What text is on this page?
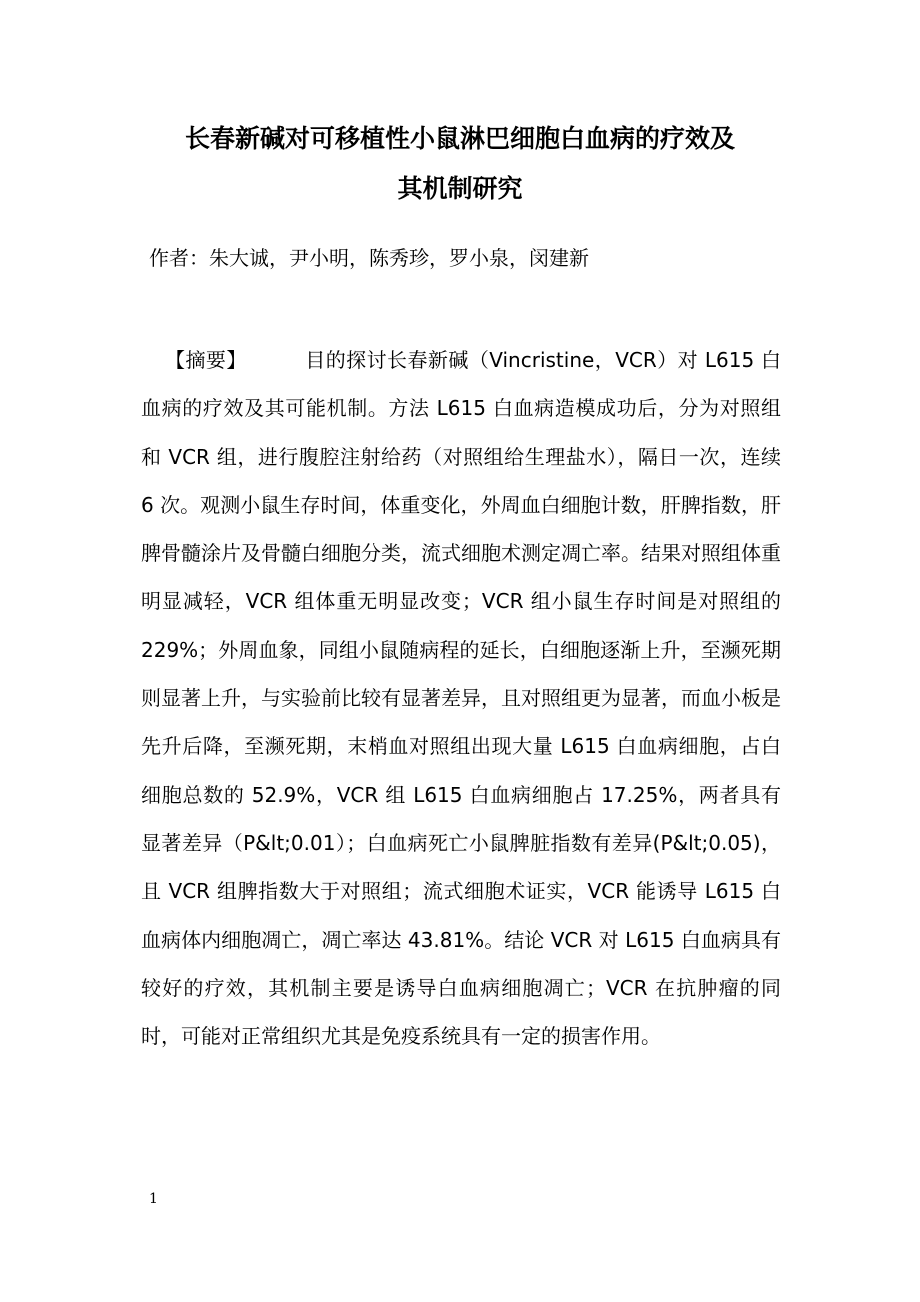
长春新碱对可移植性小鼠淋巴细胞白血病的疗效及
其机制研究
作者：朱大诚，尹小明，陈秀珍，罗小泉，闵建新

【摘要】	目的探讨长春新碱（Vincristine，VCR）对 L615 白血病的疗效及其可能机制。方法 L615 白血病造模成功后，分为对照组和 VCR 组，进行腹腔注射给药（对照组给生理盐水），隔日一次，连续 6 次。观测小鼠生存时间，体重变化，外周血白细胞计数，肝脾指数，肝脾骨髓涂片及骨髓白细胞分类，流式细胞术测定凋亡率。结果对照组体重明显减轻，VCR 组体重无明显改变；VCR 组小鼠生存时间是对照组的 229%；外周血象，同组小鼠随病程的延长，白细胞逐渐上升，至濒死期则显著上升，与实验前比较有显著差异，且对照组更为显著，而血小板是先升后降，至濒死期，末梢血对照组出现大量 L615 白血病细胞，占白细胞总数的 52.9%，VCR 组 L615 白血病细胞占 17.25%，两者具有显著差异（P&lt;0.01）；白血病死亡小鼠脾脏指数有差异(P&lt;0.05)，且 VCR 组脾指数大于对照组；流式细胞术证实，VCR 能诱导 L615 白血病体内细胞凋亡，凋亡率达 43.81%。结论 VCR 对 L615 白血病具有较好的疗效，其机制主要是诱导白血病细胞凋亡；VCR 在抗肿瘤的同时，可能对正常组织尤其是免疫系统具有一定的损害作用。

1
